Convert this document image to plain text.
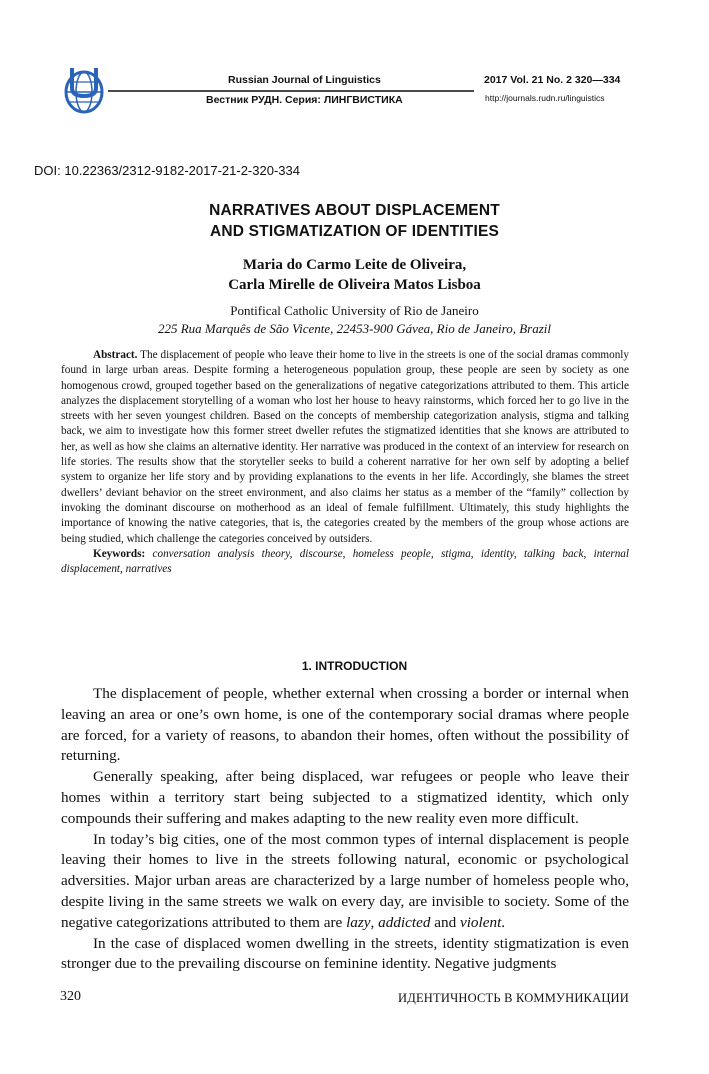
Russian Journal of Linguistics
Вестник РУДН. Серия: ЛИНГВИСТИКА
2017 Vol. 21 No. 2 320—334
http://journals.rudn.ru/linguistics
DOI: 10.22363/2312-9182-2017-21-2-320-334
NARRATIVES ABOUT DISPLACEMENT
AND STIGMATIZATION OF IDENTITIES
Maria do Carmo Leite de Oliveira,
Carla Mirelle de Oliveira Matos Lisboa
Pontifical Catholic University of Rio de Janeiro
225 Rua Marquês de São Vicente, 22453-900 Gávea, Rio de Janeiro, Brazil

Abstract. The displacement of people who leave their home to live in the streets is one of the social dramas commonly found in large urban areas. Despite forming a heterogeneous population group, these people are seen by society as one homogenous crowd, grouped together based on the generalizations of negative categorizations attributed to them. This article analyzes the displacement storytelling of a woman who lost her house to heavy rainstorms, which forced her to go live in the streets with her seven youngest children. Based on the concepts of membership categorization analysis, stigma and talking back, we aim to investigate how this former street dweller refutes the stigmatized identities that she knows are attributed to her, as well as how she claims an alternative identity. Her narrative was produced in the context of an interview for research on life stories. The results show that the storyteller seeks to build a coherent narrative for her own self by adopting a belief system to organize her life story and by providing explanations to the events in her life. Accordingly, she blames the street dwellers’ deviant behavior on the street environment, and also claims her status as a member of the “family” collection by invoking the dominant discourse on motherhood as an ideal of female fulfillment. Ultimately, this study highlights the importance of knowing the native categories, that is, the categories created by the members of the group whose actions are being studied, which challenge the categories conceived by outsiders.

Keywords: conversation analysis theory, discourse, homeless people, stigma, identity, talking back, internal displacement, narratives

1. INTRODUCTION

The displacement of people, whether external when crossing a border or internal when leaving an area or one’s own home, is one of the contemporary social dramas where people are forced, for a variety of reasons, to abandon their homes, often without the possibility of returning.

Generally speaking, after being displaced, war refugees or people who leave their homes within a territory start being subjected to a stigmatized identity, which only compounds their suffering and makes adapting to the new reality even more difficult.

In today’s big cities, one of the most common types of internal displacement is people leaving their homes to live in the streets following natural, economic or psychological adversities. Major urban areas are characterized by a large number of homeless people who, despite living in the same streets we walk on every day, are invisible to society. Some of the negative categorizations attributed to them are lazy, addicted and violent.

In the case of displaced women dwelling in the streets, identity stigmatization is even stronger due to the prevailing discourse on feminine identity. Negative judgments

320	ИДЕНТИЧНОСТЬ В КОММУНИКАЦИИ
